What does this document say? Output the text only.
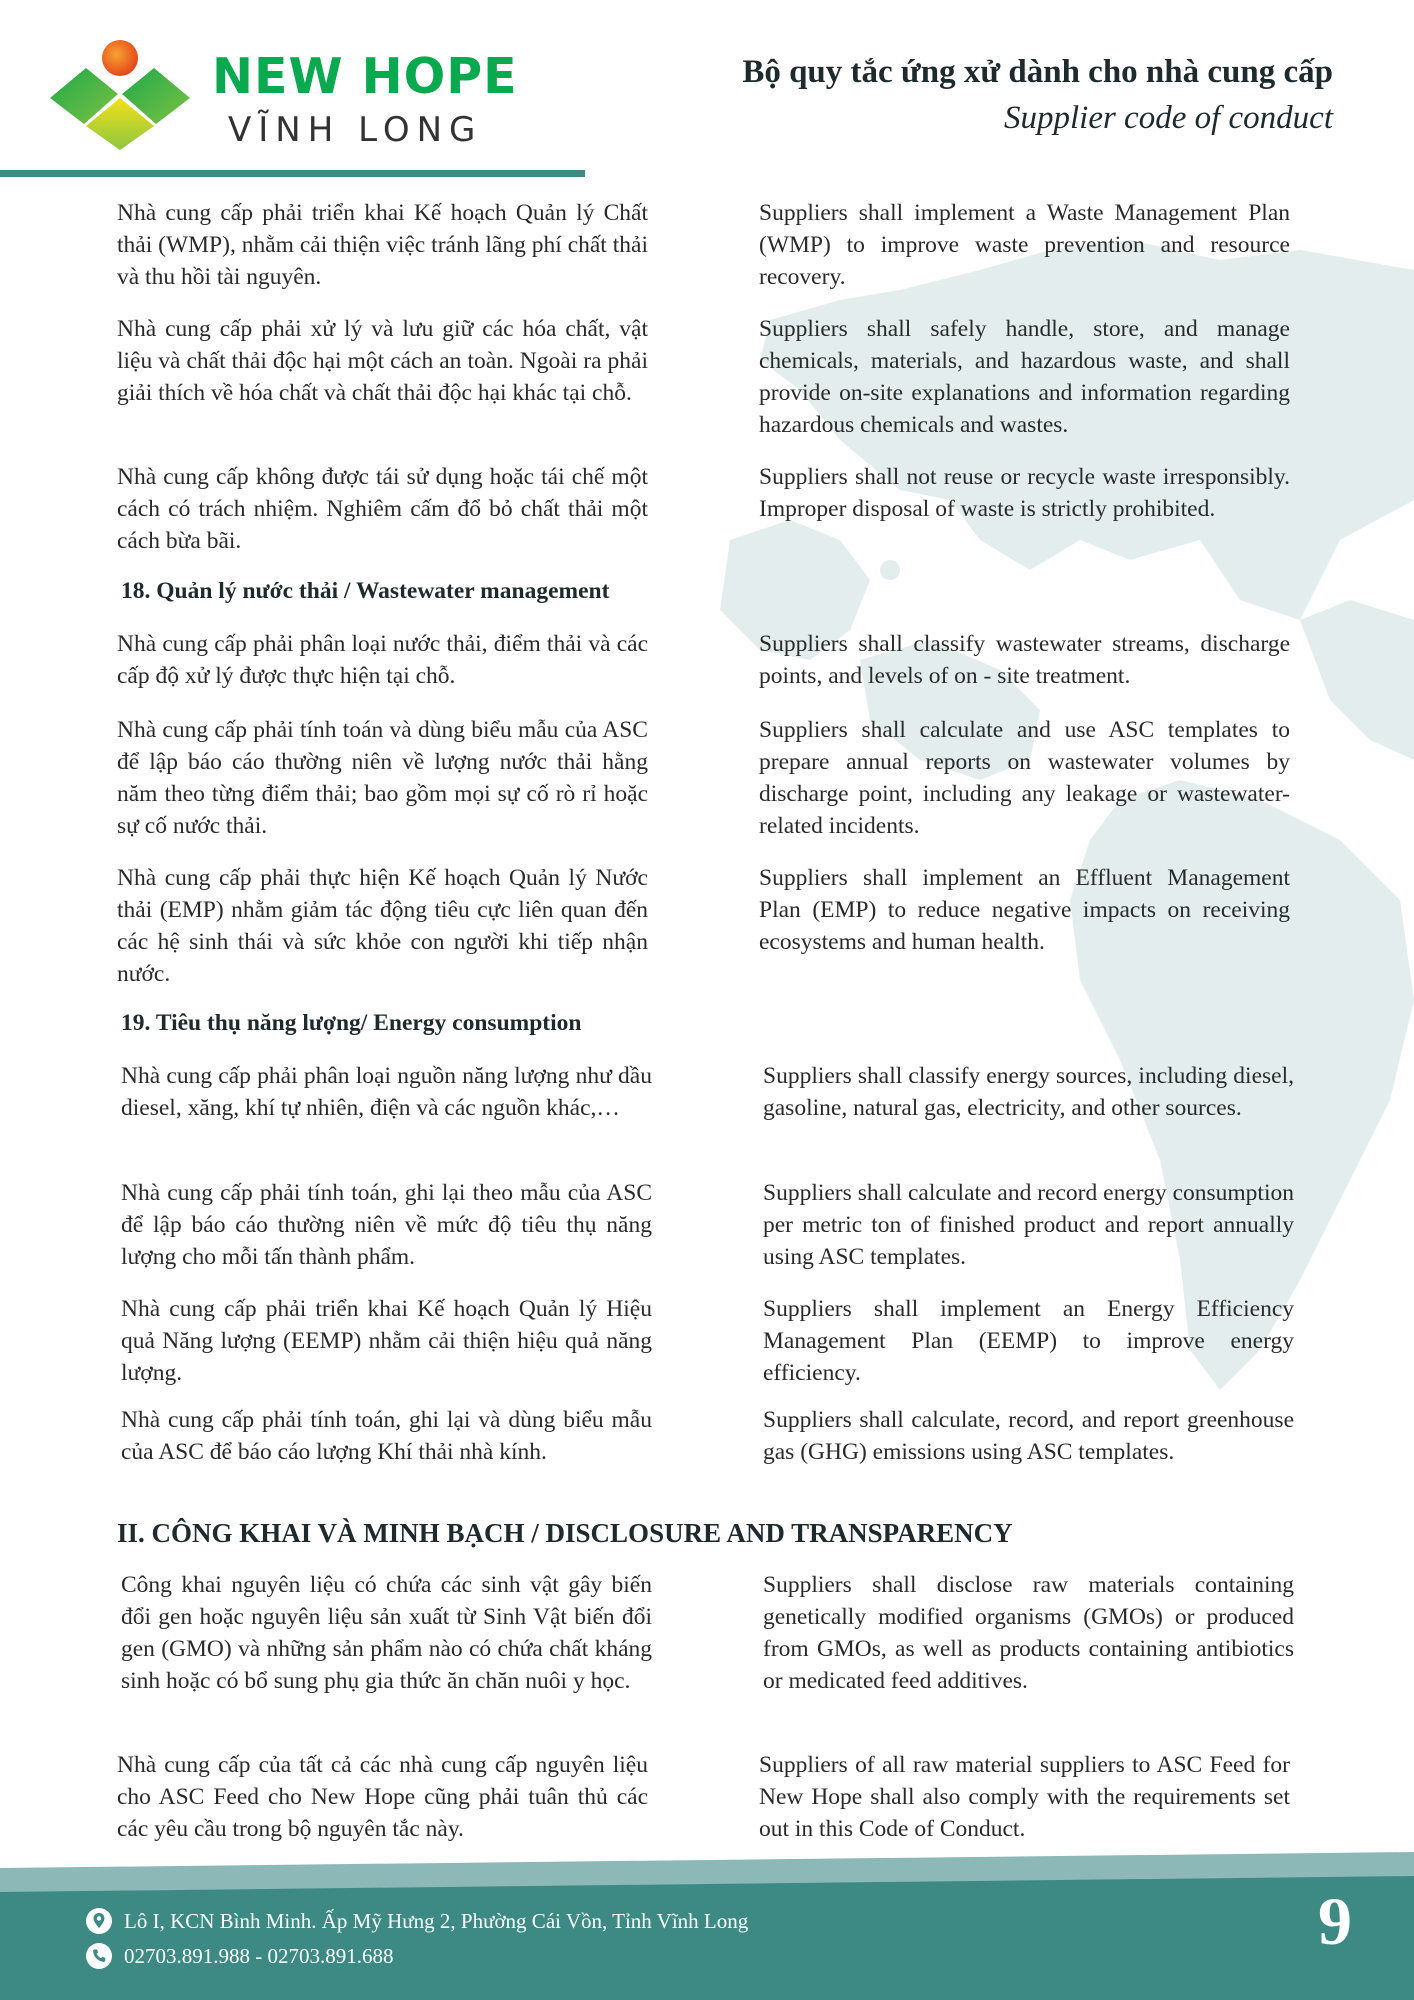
NEW HOPE
VĨNH LONG
Bộ quy tắc ứng xử dành cho nhà cung cấp
Supplier code of conduct
Nhà cung cấp phải triển khai Kế hoạch Quản lý Chất thải (WMP), nhằm cải thiện việc tránh lãng phí chất thải và thu hồi tài nguyên.
Suppliers shall implement a Waste Management Plan (WMP) to improve waste prevention and resource recovery.
Nhà cung cấp phải xử lý và lưu giữ các hóa chất, vật liệu và chất thải độc hại một cách an toàn. Ngoài ra phải giải thích về hóa chất và chất thải độc hại khác tại chỗ.
Suppliers shall safely handle, store, and manage chemicals, materials, and hazardous waste, and shall provide on-site explanations and information regarding hazardous chemicals and wastes.
Nhà cung cấp không được tái sử dụng hoặc tái chế một cách có trách nhiệm. Nghiêm cấm đổ bỏ chất thải một cách bừa bãi.
Suppliers shall not reuse or recycle waste irresponsibly. Improper disposal of waste is strictly prohibited.
18. Quản lý nước thải / Wastewater management
Nhà cung cấp phải phân loại nước thải, điểm thải và các cấp độ xử lý được thực hiện tại chỗ.
Suppliers shall classify wastewater streams, discharge points, and levels of on - site treatment.
Nhà cung cấp phải tính toán và dùng biểu mẫu của ASC để lập báo cáo thường niên về lượng nước thải hằng năm theo từng điểm thải; bao gồm mọi sự cố rò rỉ hoặc sự cố nước thải.
Suppliers shall calculate and use ASC templates to prepare annual reports on wastewater volumes by discharge point, including any leakage or wastewater-related incidents.
Nhà cung cấp phải thực hiện Kế hoạch Quản lý Nước thải (EMP) nhằm giảm tác động tiêu cực liên quan đến các hệ sinh thái và sức khỏe con người khi tiếp nhận nước.
Suppliers shall implement an Effluent Management Plan (EMP) to reduce negative impacts on receiving ecosystems and human health.
19. Tiêu thụ năng lượng/ Energy consumption
Nhà cung cấp phải phân loại nguồn năng lượng như dầu diesel, xăng, khí tự nhiên, điện và các nguồn khác,…
Suppliers shall classify energy sources, including diesel, gasoline, natural gas, electricity, and other sources.
Nhà cung cấp phải tính toán, ghi lại theo mẫu của ASC để lập báo cáo thường niên về mức độ tiêu thụ năng lượng cho mỗi tấn thành phẩm.
Suppliers shall calculate and record energy consumption per metric ton of finished product and report annually using ASC templates.
Nhà cung cấp phải triển khai Kế hoạch Quản lý Hiệu quả Năng lượng (EEMP) nhằm cải thiện hiệu quả năng lượng.
Suppliers shall implement an Energy Efficiency Management Plan (EEMP) to improve energy efficiency.
Nhà cung cấp phải tính toán, ghi lại và dùng biểu mẫu của ASC để báo cáo lượng Khí thải nhà kính.
Suppliers shall calculate, record, and report greenhouse gas (GHG) emissions using ASC templates.
II. CÔNG KHAI VÀ MINH BẠCH / DISCLOSURE AND TRANSPARENCY
Công khai nguyên liệu có chứa các sinh vật gây biến đổi gen hoặc nguyên liệu sản xuất từ Sinh Vật biến đổi gen (GMO) và những sản phẩm nào có chứa chất kháng sinh hoặc có bổ sung phụ gia thức ăn chăn nuôi y học.
Suppliers shall disclose raw materials containing genetically modified organisms (GMOs) or produced from GMOs, as well as products containing antibiotics or medicated feed additives.
Nhà cung cấp của tất cả các nhà cung cấp nguyên liệu cho ASC Feed cho New Hope cũng phải tuân thủ các các yêu cầu trong bộ nguyên tắc này.
Suppliers of all raw material suppliers to ASC Feed for New Hope shall also comply with the requirements set out in this Code of Conduct.
Lô I, KCN Bình Minh. Ấp Mỹ Hưng 2, Phường Cái Vồn, Tỉnh Vĩnh Long
02703.891.988 - 02703.891.688	9
